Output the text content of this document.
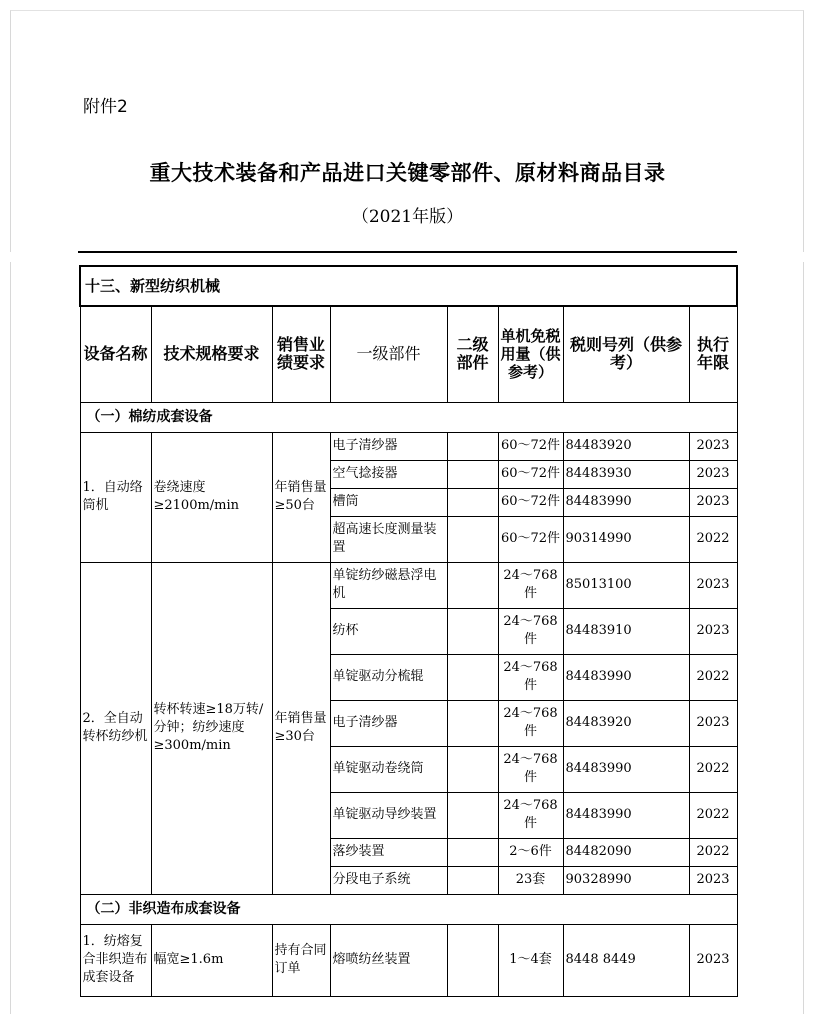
附件2
重大技术装备和产品进口关键零部件、原材料商品目录
（2021年版）
十三、新型纺织机械							
设备名称	技术规格要求	销售业绩要求	一级部件	二级部件	单机免税用量（供参考）	税则号列（供参考）	执行年限
（一）棉纺成套设备							
1．自动络筒机	卷绕速度≥2100m/min	年销售量≥50台	电子清纱器		60～72件	84483920	2023
			空气捻接器		60～72件	84483930	2023
			槽筒		60～72件	84483990	2023
			超高速长度测量装置		60～72件	90314990	2022
2．全自动转杯纺纱机	转杯转速≥18万转/分钟；纺纱速度≥300m/min	年销售量≥30台	单锭纺纱磁悬浮电机		24～768件	85013100	2023
			纺杯		24～768件	84483910	2023
			单锭驱动分梳辊		24～768件	84483990	2022
			电子清纱器		24～768件	84483920	2023
			单锭驱动卷绕筒		24～768件	84483990	2022
			单锭驱动导纱装置		24～768件	84483990	2022
			落纱装置		2～6件	84482090	2022
			分段电子系统		23套	90328990	2023
（二）非织造布成套设备							
1．纺熔复合非织造布成套设备	幅宽≥1.6m	持有合同订单	熔喷纺丝装置		1～4套	8448 8449	2023
